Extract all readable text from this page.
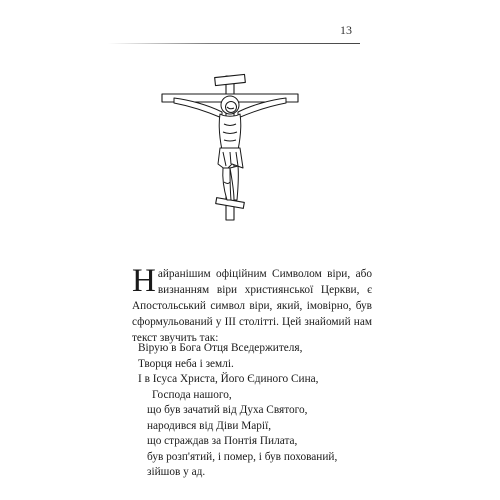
13

Найранішим офіційним Символом віри, або визнанням віри християнської Церкви, є Апостольський символ віри, який, імовірно, був сформульований у ІІІ столітті. Цей знайомий нам текст звучить так:

Вірую в Бога Отця Вседержителя,
Творця неба і землі.
І в Ісуса Христа, Його Єдиного Сина,
Господа нашого,
що був зачатий від Духа Святого,
народився від Діви Марії,
що страждав за Понтія Пилата,
був розп'ятий, і помер, і був похований,
зійшов у ад.
